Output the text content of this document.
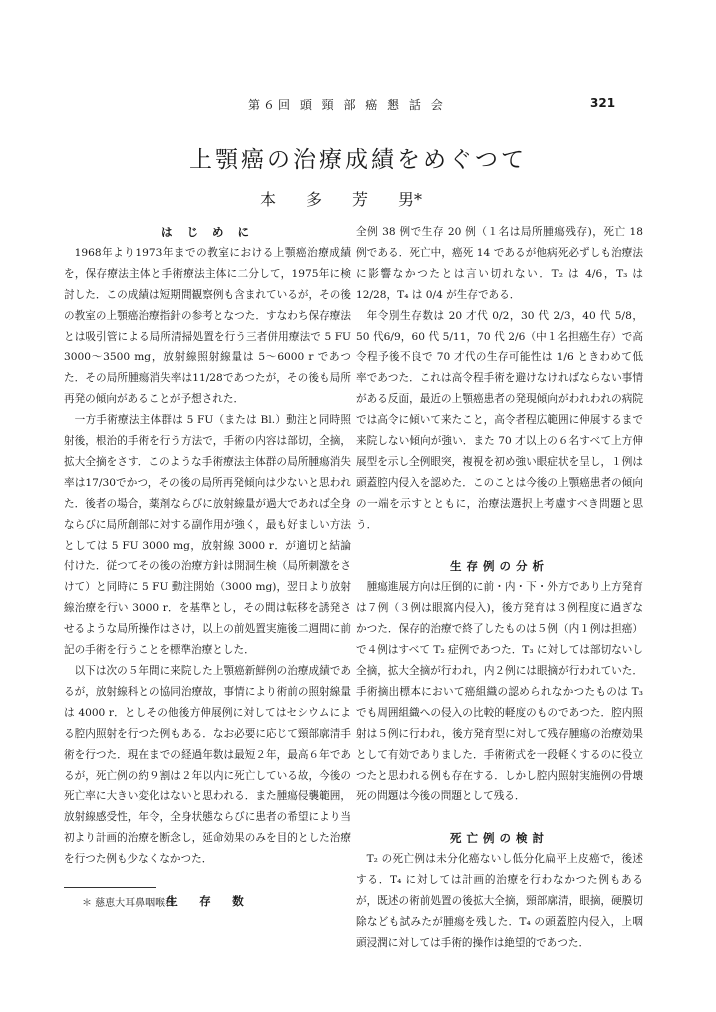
第６回 頭 頸 部 癌 懇 話 会	321
上顎癌の治療成績をめぐつて
本 多 芳 男*
は じ め に

1968年より1973年までの教室における上顎癌治療成績を，保存療法主体と手術療法主体に二分して，1975年に検討した．この成績は短期間観察例も含まれているが，その後の教室の上顎癌治療指針の参考となつた．すなわち保存療法とは吸引管による局所清掃処置を行う三者併用療法で 5 FU 3000～3500 mg，放射線照射線量は 5～6000 r であつた．その局所腫瘍消失率は11/28であつたが，その後も局所再発の傾向があることが予想された．

一方手術療法主体群は 5 FU（または Bl.）動注と同時照射後，根治的手術を行う方法で，手術の内容は部切，全摘，拡大全摘をさす．このような手術療法主体群の局所腫瘍消失率は17/30でかつ，その後の局所再発傾向は少ないと思われた．後者の場合，薬剤ならびに放射線量が過大であれば全身ならびに局所創部に対する副作用が強く，最も好ましい方法としては 5 FU 3000 mg，放射線 3000 r．が適切と結論付けた．従つてその後の治療方針は開洞生検（局所刺激をさけて）と同時に 5 FU 動注開始（3000 mg)，翌日より放射線治療を行い 3000 r．を基準とし，その間は転移を誘発させるような局所操作はさけ，以上の前処置実施後二週間に前記の手術を行うことを標準治療とした．

以下は次の５年間に来院した上顎癌新鮮例の治療成績であるが，放射線科との協同治療故，事情により術前の照射線量は 4000 r．としその他後方伸展例に対してはセシウムによる腔内照射を行つた例もある．なお必要に応じて頸部廓清手術を行つた．現在までの経過年数は最短２年，最高６年であるが，死亡例の約９割は２年以内に死亡している故，今後の死亡率に大きい変化はないと思われる．また腫瘍侵襲範囲，放射線感受性，年令，全身状態ならびに患者の希望により当初より計画的治療を断念し，延命効果のみを目的とした治療を行つた例も少なくなかつた．

生　存　数

全例 38 例で生存 20 例（１名は局所腫瘍残存)，死亡 18 例である．死亡中，癌死 14 であるが他病死必ずしも治療法に影響なかつたとは言い切れない．T₂ は 4/6，T₃ は 12/28，T₄ は 0/4 が生存である．

年令別生存数は 20 才代 0/2，30 代 2/3，40 代 5/8，50 代6/9，60 代 5/11，70 代 2/6（中１名担癌生存）で高令程予後不良で 70 才代の生存可能性は 1/6 ときわめて低率であつた．これは高令程手術を避けなければならない事情がある反面，最近の上顎癌患者の発現傾向がわれわれの病院では高令に傾いて来たこと，高令者程広範囲に伸展するまで来院しない傾向が強い．また 70 才以上の６名すべて上方伸展型を示し全例眼突，複視を初め強い眼症状を呈し，１例は頭蓋腔内侵入を認めた．このことは今後の上顎癌患者の傾向の一端を示すとともに，治療法選択上考慮すべき問題と思う．

生存例の分析

腫瘍進展方向は圧倒的に前・内・下・外方であり上方発育は７例（３例は眼窩内侵入)，後方発育は３例程度に過ぎなかつた．保存的治療で終了したものは５例（内１例は担癌）で４例はすべて T₂ 症例であつた．T₃ に対しては部切ないし全摘，拡大全摘が行われ，内２例には眼摘が行われていた．手術摘出標本において癌組織の認められなかつたものは T₃ でも周囲組織への侵入の比較的軽度のものであつた．腔内照射は５例に行われ，後方発育型に対して残存腫瘍の治療効果として有効でありました．手術術式を一段軽くするのに役立つたと思われる例も存在する．しかし腔内照射実施例の骨壊死の問題は今後の問題として残る．

死亡例の検討

T₂ の死亡例は未分化癌ないし低分化扁平上皮癌で，後述する．T₄ に対しては計画的治療を行わなかつた例もあるが，既述の術前処置の後拡大全摘，頸部廓清，眼摘，硬膜切除なども試みたが腫瘍を残した．T₄ の頭蓋腔内侵入，上咽頭浸潤に対しては手術的操作は絶望的であつた．

＊ 慈恵大耳鼻咽喉科
